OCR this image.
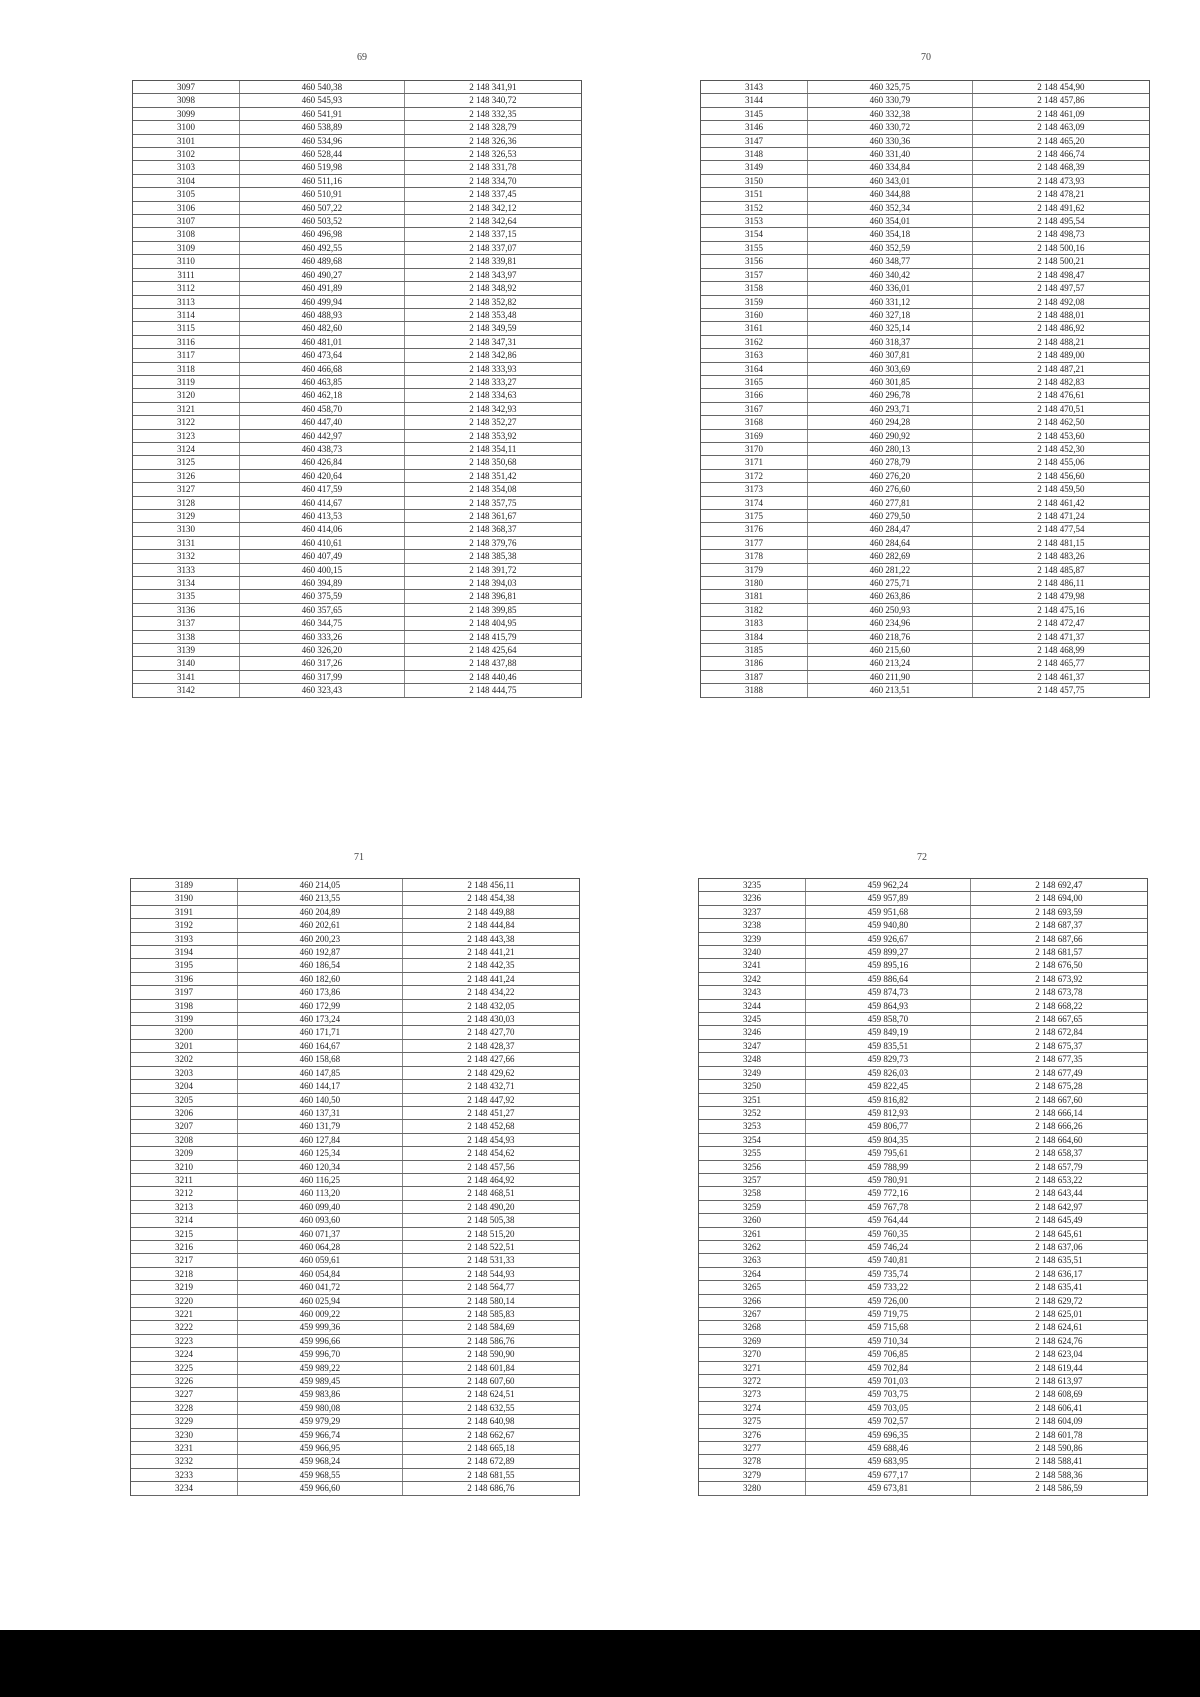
69
3097	460 540,38	2 148 341,91
3098	460 545,93	2 148 340,72
3099	460 541,91	2 148 332,35
3100	460 538,89	2 148 328,79
3101	460 534,96	2 148 326,36
3102	460 528,44	2 148 326,53
3103	460 519,98	2 148 331,78
3104	460 511,16	2 148 334,70
3105	460 510,91	2 148 337,45
3106	460 507,22	2 148 342,12
3107	460 503,52	2 148 342,64
3108	460 496,98	2 148 337,15
3109	460 492,55	2 148 337,07
3110	460 489,68	2 148 339,81
3111	460 490,27	2 148 343,97
3112	460 491,89	2 148 348,92
3113	460 499,94	2 148 352,82
3114	460 488,93	2 148 353,48
3115	460 482,60	2 148 349,59
3116	460 481,01	2 148 347,31
3117	460 473,64	2 148 342,86
3118	460 466,68	2 148 333,93
3119	460 463,85	2 148 333,27
3120	460 462,18	2 148 334,63
3121	460 458,70	2 148 342,93
3122	460 447,40	2 148 352,27
3123	460 442,97	2 148 353,92
3124	460 438,73	2 148 354,11
3125	460 426,84	2 148 350,68
3126	460 420,64	2 148 351,42
3127	460 417,59	2 148 354,08
3128	460 414,67	2 148 357,75
3129	460 413,53	2 148 361,67
3130	460 414,06	2 148 368,37
3131	460 410,61	2 148 379,76
3132	460 407,49	2 148 385,38
3133	460 400,15	2 148 391,72
3134	460 394,89	2 148 394,03
3135	460 375,59	2 148 396,81
3136	460 357,65	2 148 399,85
3137	460 344,75	2 148 404,95
3138	460 333,26	2 148 415,79
3139	460 326,20	2 148 425,64
3140	460 317,26	2 148 437,88
3141	460 317,99	2 148 440,46
3142	460 323,43	2 148 444,75
70
3143	460 325,75	2 148 454,90
3144	460 330,79	2 148 457,86
3145	460 332,38	2 148 461,09
3146	460 330,72	2 148 463,09
3147	460 330,36	2 148 465,20
3148	460 331,40	2 148 466,74
3149	460 334,84	2 148 468,39
3150	460 343,01	2 148 473,93
3151	460 344,88	2 148 478,21
3152	460 352,34	2 148 491,62
3153	460 354,01	2 148 495,54
3154	460 354,18	2 148 498,73
3155	460 352,59	2 148 500,16
3156	460 348,77	2 148 500,21
3157	460 340,42	2 148 498,47
3158	460 336,01	2 148 497,57
3159	460 331,12	2 148 492,08
3160	460 327,18	2 148 488,01
3161	460 325,14	2 148 486,92
3162	460 318,37	2 148 488,21
3163	460 307,81	2 148 489,00
3164	460 303,69	2 148 487,21
3165	460 301,85	2 148 482,83
3166	460 296,78	2 148 476,61
3167	460 293,71	2 148 470,51
3168	460 294,28	2 148 462,50
3169	460 290,92	2 148 453,60
3170	460 280,13	2 148 452,30
3171	460 278,79	2 148 455,06
3172	460 276,20	2 148 456,60
3173	460 276,60	2 148 459,50
3174	460 277,81	2 148 461,42
3175	460 279,50	2 148 471,24
3176	460 284,47	2 148 477,54
3177	460 284,64	2 148 481,15
3178	460 282,69	2 148 483,26
3179	460 281,22	2 148 485,87
3180	460 275,71	2 148 486,11
3181	460 263,86	2 148 479,98
3182	460 250,93	2 148 475,16
3183	460 234,96	2 148 472,47
3184	460 218,76	2 148 471,37
3185	460 215,60	2 148 468,99
3186	460 213,24	2 148 465,77
3187	460 211,90	2 148 461,37
3188	460 213,51	2 148 457,75
71
3189	460 214,05	2 148 456,11
3190	460 213,55	2 148 454,38
3191	460 204,89	2 148 449,88
3192	460 202,61	2 148 444,84
3193	460 200,23	2 148 443,38
3194	460 192,87	2 148 441,21
3195	460 186,54	2 148 442,35
3196	460 182,60	2 148 441,24
3197	460 173,86	2 148 434,22
3198	460 172,99	2 148 432,05
3199	460 173,24	2 148 430,03
3200	460 171,71	2 148 427,70
3201	460 164,67	2 148 428,37
3202	460 158,68	2 148 427,66
3203	460 147,85	2 148 429,62
3204	460 144,17	2 148 432,71
3205	460 140,50	2 148 447,92
3206	460 137,31	2 148 451,27
3207	460 131,79	2 148 452,68
3208	460 127,84	2 148 454,93
3209	460 125,34	2 148 454,62
3210	460 120,34	2 148 457,56
3211	460 116,25	2 148 464,92
3212	460 113,20	2 148 468,51
3213	460 099,40	2 148 490,20
3214	460 093,60	2 148 505,38
3215	460 071,37	2 148 515,20
3216	460 064,28	2 148 522,51
3217	460 059,61	2 148 531,33
3218	460 054,84	2 148 544,93
3219	460 041,72	2 148 564,77
3220	460 025,94	2 148 580,14
3221	460 009,22	2 148 585,83
3222	459 999,36	2 148 584,69
3223	459 996,66	2 148 586,76
3224	459 996,70	2 148 590,90
3225	459 989,22	2 148 601,84
3226	459 989,45	2 148 607,60
3227	459 983,86	2 148 624,51
3228	459 980,08	2 148 632,55
3229	459 979,29	2 148 640,98
3230	459 966,74	2 148 662,67
3231	459 966,95	2 148 665,18
3232	459 968,24	2 148 672,89
3233	459 968,55	2 148 681,55
3234	459 966,60	2 148 686,76
72
3235	459 962,24	2 148 692,47
3236	459 957,89	2 148 694,00
3237	459 951,68	2 148 693,59
3238	459 940,80	2 148 687,37
3239	459 926,67	2 148 687,66
3240	459 899,27	2 148 681,57
3241	459 895,16	2 148 676,50
3242	459 886,64	2 148 673,92
3243	459 874,73	2 148 673,78
3244	459 864,93	2 148 668,22
3245	459 858,70	2 148 667,65
3246	459 849,19	2 148 672,84
3247	459 835,51	2 148 675,37
3248	459 829,73	2 148 677,35
3249	459 826,03	2 148 677,49
3250	459 822,45	2 148 675,28
3251	459 816,82	2 148 667,60
3252	459 812,93	2 148 666,14
3253	459 806,77	2 148 666,26
3254	459 804,35	2 148 664,60
3255	459 795,61	2 148 658,37
3256	459 788,99	2 148 657,79
3257	459 780,91	2 148 653,22
3258	459 772,16	2 148 643,44
3259	459 767,78	2 148 642,97
3260	459 764,44	2 148 645,49
3261	459 760,35	2 148 645,61
3262	459 746,24	2 148 637,06
3263	459 740,81	2 148 635,51
3264	459 735,74	2 148 636,17
3265	459 733,22	2 148 635,41
3266	459 726,00	2 148 629,72
3267	459 719,75	2 148 625,01
3268	459 715,68	2 148 624,61
3269	459 710,34	2 148 624,76
3270	459 706,85	2 148 623,04
3271	459 702,84	2 148 619,44
3272	459 701,03	2 148 613,97
3273	459 703,75	2 148 608,69
3274	459 703,05	2 148 606,41
3275	459 702,57	2 148 604,09
3276	459 696,35	2 148 601,78
3277	459 688,46	2 148 590,86
3278	459 683,95	2 148 588,41
3279	459 677,17	2 148 588,36
3280	459 673,81	2 148 586,59
